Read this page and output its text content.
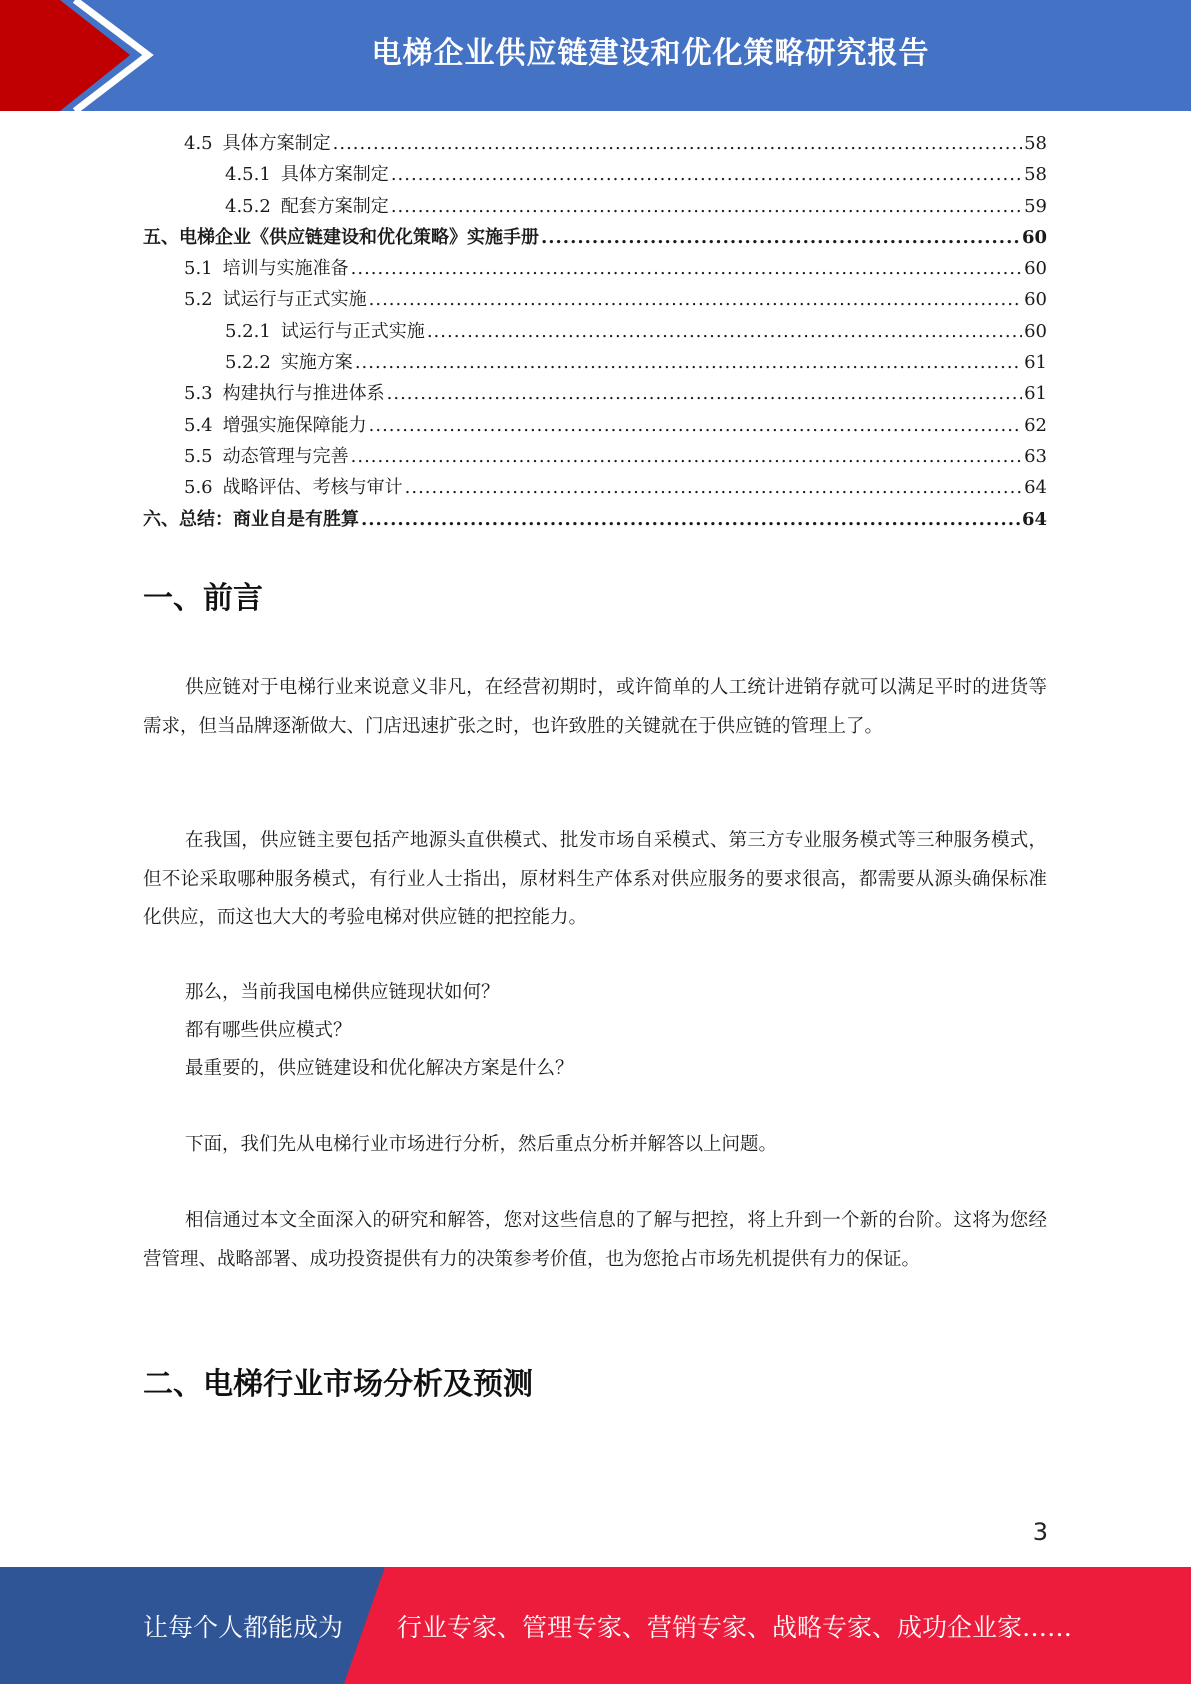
电梯企业供应链建设和优化策略研究报告
4.5 具体方案制定 .....	58
4.5.1 具体方案制定 .....	58
4.5.2 配套方案制定 .....	59
五、电梯企业《供应链建设和优化策略》实施手册 .....	60
5.1 培训与实施准备 .....	60
5.2 试运行与正式实施 .....	60
5.2.1 试运行与正式实施 .....	60
5.2.2 实施方案 .....	61
5.3 构建执行与推进体系 .....	61
5.4 增强实施保障能力 .....	62
5.5 动态管理与完善 .....	63
5.6 战略评估、考核与审计 .....	64
六、总结：商业自是有胜算 .....	64
一、前言

供应链对于电梯行业来说意义非凡，在经营初期时，或许简单的人工统计进销存就可以满足平时的进货等需求，但当品牌逐渐做大、门店迅速扩张之时，也许致胜的关键就在于供应链的管理上了。

在我国，供应链主要包括产地源头直供模式、批发市场自采模式、第三方专业服务模式等三种服务模式，但不论采取哪种服务模式，有行业人士指出，原材料生产体系对供应服务的要求很高，都需要从源头确保标准化供应，而这也大大的考验电梯对供应链的把控能力。

那么，当前我国电梯供应链现状如何？
都有哪些供应模式？
最重要的，供应链建设和优化解决方案是什么？
下面，我们先从电梯行业市场进行分析，然后重点分析并解答以上问题。

相信通过本文全面深入的研究和解答，您对这些信息的了解与把控，将上升到一个新的台阶。这将为您经营管理、战略部署、成功投资提供有力的决策参考价值，也为您抢占市场先机提供有力的保证。

二、电梯行业市场分析及预测
3
让每个人都能成为 行业专家、管理专家、营销专家、战略专家、成功企业家……
